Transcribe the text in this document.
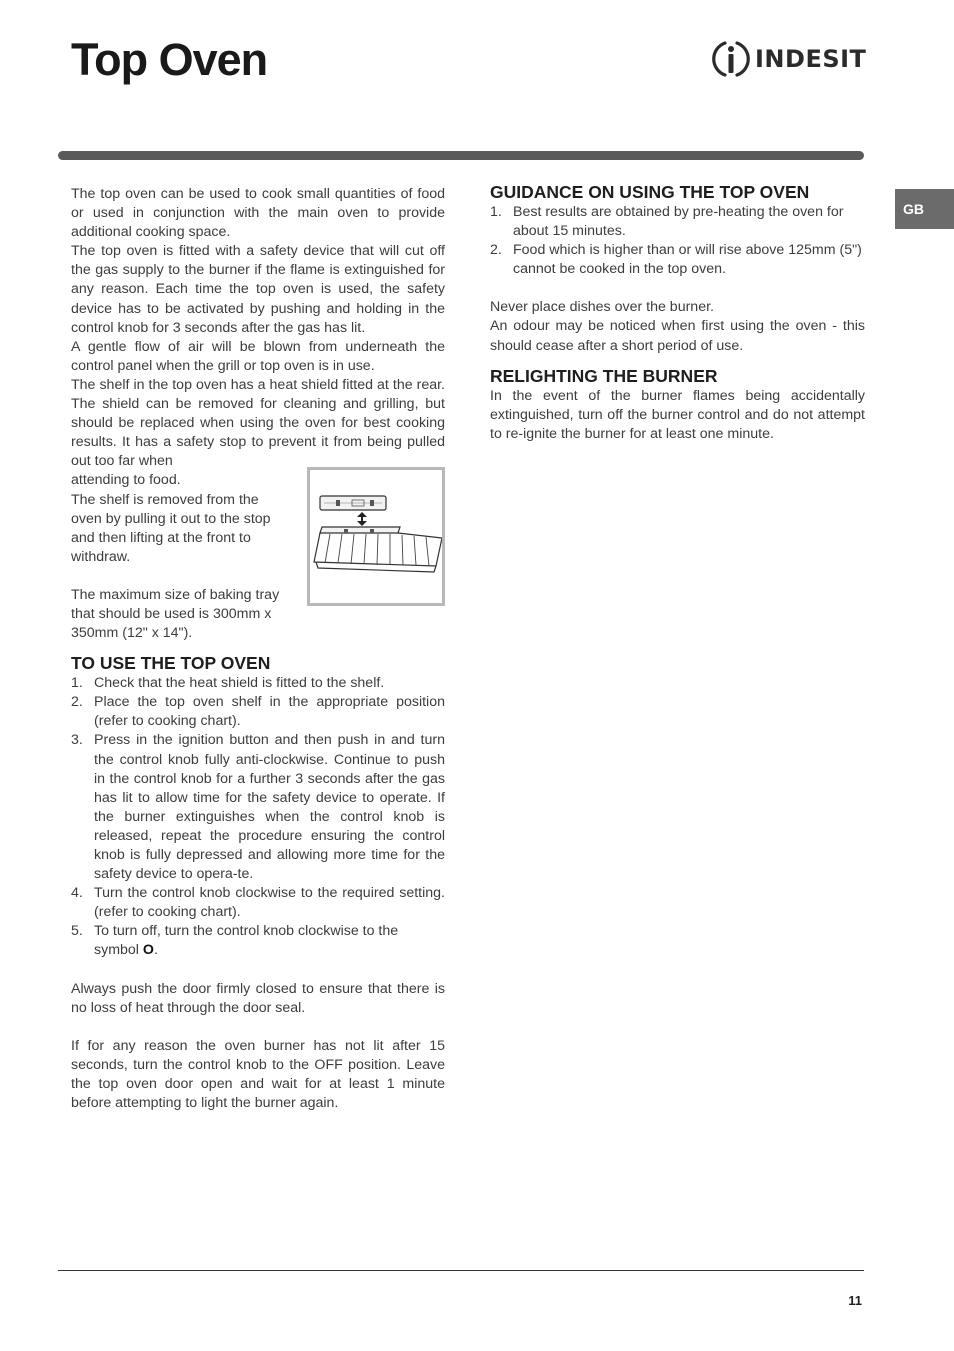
Top Oven	INDESIT
GB

The top oven can be used to cook small quantities of food or used in conjunction with the main oven to provide additional cooking space.

The top oven is fitted with a safety device that will cut off the gas supply to the burner if the flame is extinguished for any reason. Each time the top oven is used, the safety device has to be activated by pushing and holding in the control knob for 3 seconds after the gas has lit.

A gentle flow of air will be blown from underneath the control panel when the grill or top oven is in use.

The shelf in the top oven has a heat shield fitted at the rear. The shield can be removed for cleaning and grilling, but should be replaced when using the oven for best cooking results. It has a safety stop to prevent it from being pulled out too far when

attending to food.

The shelf is removed from the oven by pulling it out to the stop and then lifting at the front to withdraw.

The maximum size of baking tray that should be used is 300mm x 350mm (12" x 14").

TO USE THE TOP OVEN
1. Check that the heat shield is fitted to the shelf.
2. Place the top oven shelf in the appropriate position (refer to cooking chart).
3. Press in the ignition button and then push in and turn the control knob fully anti-clockwise. Continue to push in the control knob for a further 3 seconds after the gas has lit to allow time for the safety device to operate. If the burner extinguishes when the control knob is released, repeat the procedure ensuring the control knob is fully depressed and allowing more time for the safety device to opera-te.
4. Turn the control knob clockwise to the required setting. (refer to cooking chart).
5. To turn off, turn the control knob clockwise to the symbol O.

Always push the door firmly closed to ensure that there is no loss of heat through the door seal.

If for any reason the oven burner has not lit after 15 seconds, turn the control knob to the OFF position. Leave the top oven door open and wait for at least 1 minute before attempting to light the burner again.

GUIDANCE ON USING THE TOP OVEN
1. Best results are obtained by pre-heating the oven for about 15 minutes.
2. Food which is higher than or will rise above 125mm (5") cannot be cooked in the top oven.

Never place dishes over the burner.

An odour may be noticed when first using the oven - this should cease after a short period of use.

RELIGHTING THE BURNER

In the event of the burner flames being accidentally extinguished, turn off the burner control and do not attempt to re-ignite the burner for at least one minute.

11
